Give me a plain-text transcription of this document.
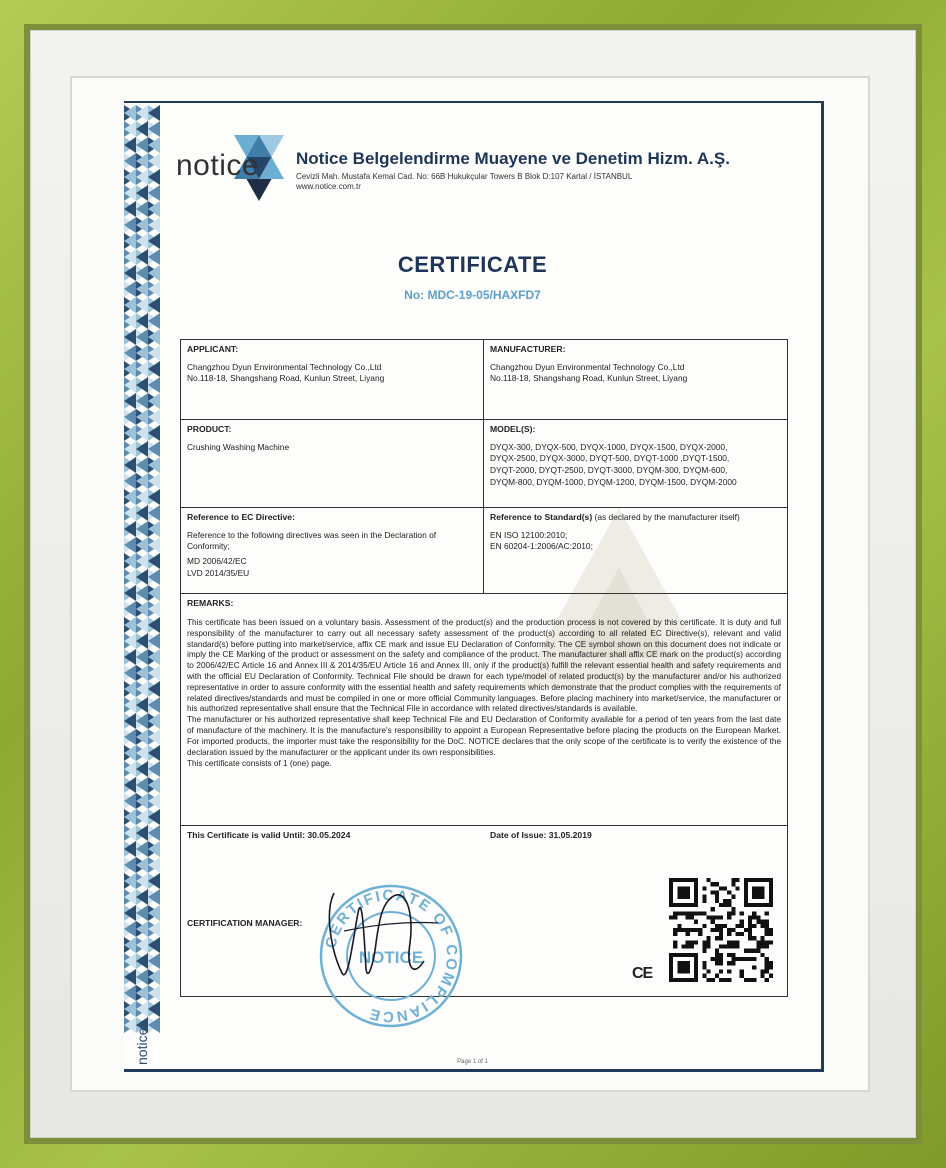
notice
notice Notice Belgelendirme Muayene ve Denetim Hizm. A.Ş.
Cevizli Mah. Mustafa Kemal Cad. No: 66B Hukukçular Towers B Blok D:107 Kartal / İSTANBUL
www.notice.com.tr
CERTIFICATE
No: MDC-19-05/HAXFD7
APPLICANT:

Changzhou Dyun Environmental Technology Co.,Ltd

No.118-18, Shangshang Road, Kunlun Street, Liyang

MANUFACTURER:

Changzhou Dyun Environmental Technology Co.,Ltd

No.118-18, Shangshang Road, Kunlun Street, Liyang

PRODUCT:

Crushing Washing Machine

MODEL(S):

DYQX-300, DYQX-500, DYQX-1000, DYQX-1500, DYQX-2000,

DYQX-2500, DYQX-3000, DYQT-500, DYQT-1000 ,DYQT-1500,

DYQT-2000, DYQT-2500, DYQT-3000, DYQM-300, DYQM-600,

DYQM-800, DYQM-1000, DYQM-1200, DYQM-1500, DYQM-2000

Reference to EC Directive:

Reference to the following directives was seen in the Declaration of Conformity;

MD 2006/42/EC

LVD 2014/35/EU

Reference to Standard(s) (as declared by the manufacturer itself)

EN ISO 12100:2010;

EN 60204-1:2006/AC:2010;

REMARKS:

This certificate has been issued on a voluntary basis. Assessment of the product(s) and the production process is not covered by this certificate. It is duty and full responsibility of the manufacturer to carry out all necessary safety assessment of the product(s) according to all related EC Directive(s), relevant and valid standard(s) before putting into market/service, affix CE mark and issue EU Declaration of Conformity. The CE symbol shown on this document does not indicate or imply the CE Marking of the product or assessment on the safety and compliance of the product. The manufacturer shall affix CE mark on the product(s) according to 2006/42/EC Article 16 and Annex III & 2014/35/EU Article 16 and Annex III, only if the product(s) fulfill the relevant essential health and safety requirements and with the official EU Declaration of Conformity. Technical File should be drawn for each type/model of related product(s) by the manufacturer and/or his authorized representative in order to assure conformity with the essential health and safety requirements which demonstrate that the product complies with the requirements of related directives/standards and must be compiled in one or more official Community languages. Before placing machinery into market/service, the manufacturer or his authorized representative shall ensure that the Technical File in accordance with related directives/standards is available.

The manufacturer or his authorized representative shall keep Technical File and EU Declaration of Conformity available for a period of ten years from the last date of manufacture of the machinery. It is the manufacture's responsibility to appoint a European Representative before placing the products on the European Market. For imported products, the importer must take the responsibility for the DoC. NOTICE declares that the only scope of the certificate is to verify the existence of the declaration issued by the manufacturer or the applicant under its own responsibilities.

This certificate consists of 1 (one) page.

This Certificate is valid Until: 30.05.2024	Date of Issue: 31.05.2019
CERTIFICATION MANAGER:
CERTIFICATE OF COMPLIANCE
NOTICE
CE
Page 1 of 1
